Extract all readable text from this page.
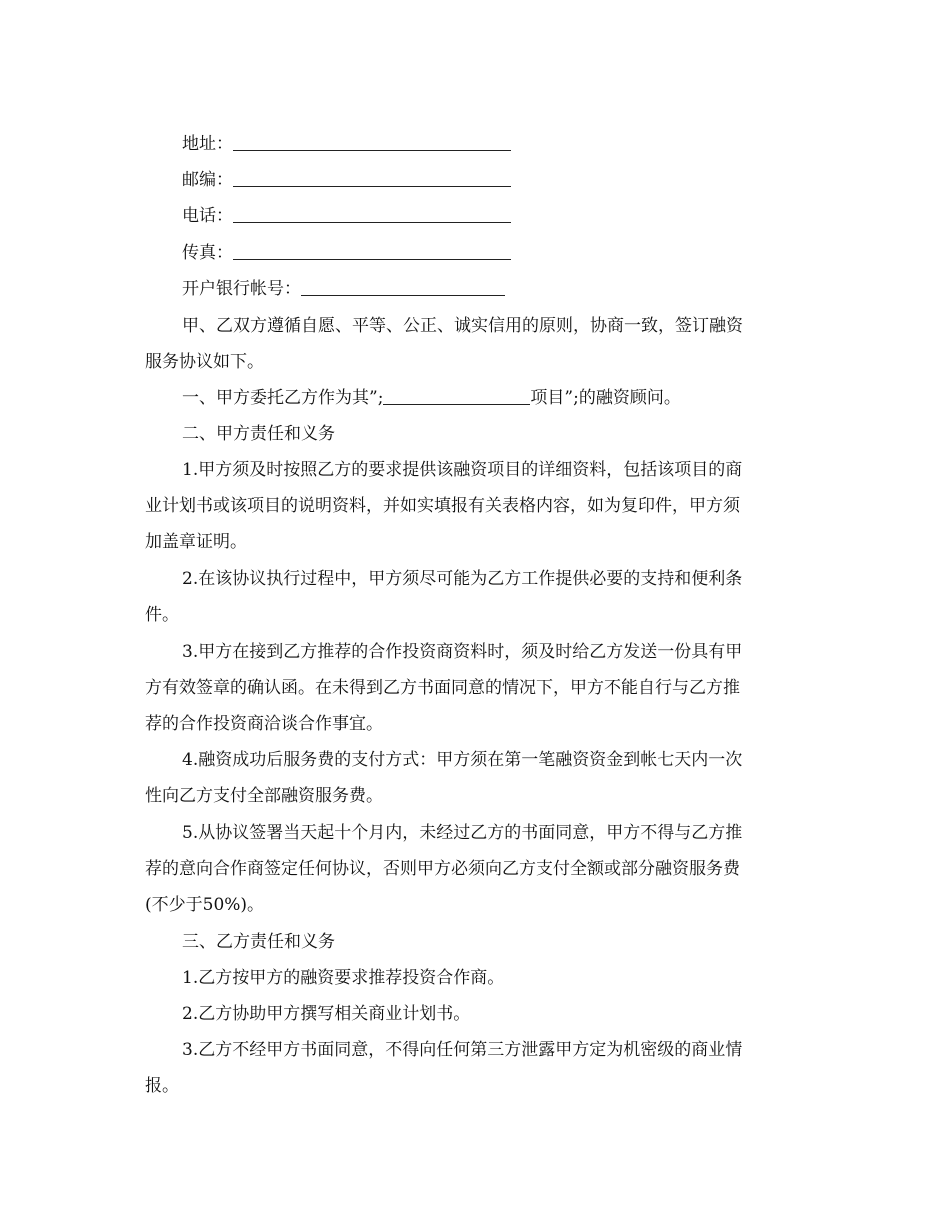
地址：
邮编：
电话：
传真：
开户银行帐号：
甲、乙双方遵循自愿、平等、公正、诚实信用的原则，协商一致，签订融资
服务协议如下。
一、甲方委托乙方作为其”;	项目”;的融资顾问。
二、甲方责任和义务
1.甲方须及时按照乙方的要求提供该融资项目的详细资料，包括该项目的商
业计划书或该项目的说明资料，并如实填报有关表格内容，如为复印件，甲方须
加盖章证明。
2.在该协议执行过程中，甲方须尽可能为乙方工作提供必要的支持和便利条
件。
3.甲方在接到乙方推荐的合作投资商资料时，须及时给乙方发送一份具有甲
方有效签章的确认函。在未得到乙方书面同意的情况下，甲方不能自行与乙方推
荐的合作投资商洽谈合作事宜。
4.融资成功后服务费的支付方式：甲方须在第一笔融资资金到帐七天内一次
性向乙方支付全部融资服务费。
5.从协议签署当天起十个月内，未经过乙方的书面同意，甲方不得与乙方推
荐的意向合作商签定任何协议，否则甲方必须向乙方支付全额或部分融资服务费
(不少于50%)。
三、乙方责任和义务
1.乙方按甲方的融资要求推荐投资合作商。
2.乙方协助甲方撰写相关商业计划书。
3.乙方不经甲方书面同意，不得向任何第三方泄露甲方定为机密级的商业情
报。
